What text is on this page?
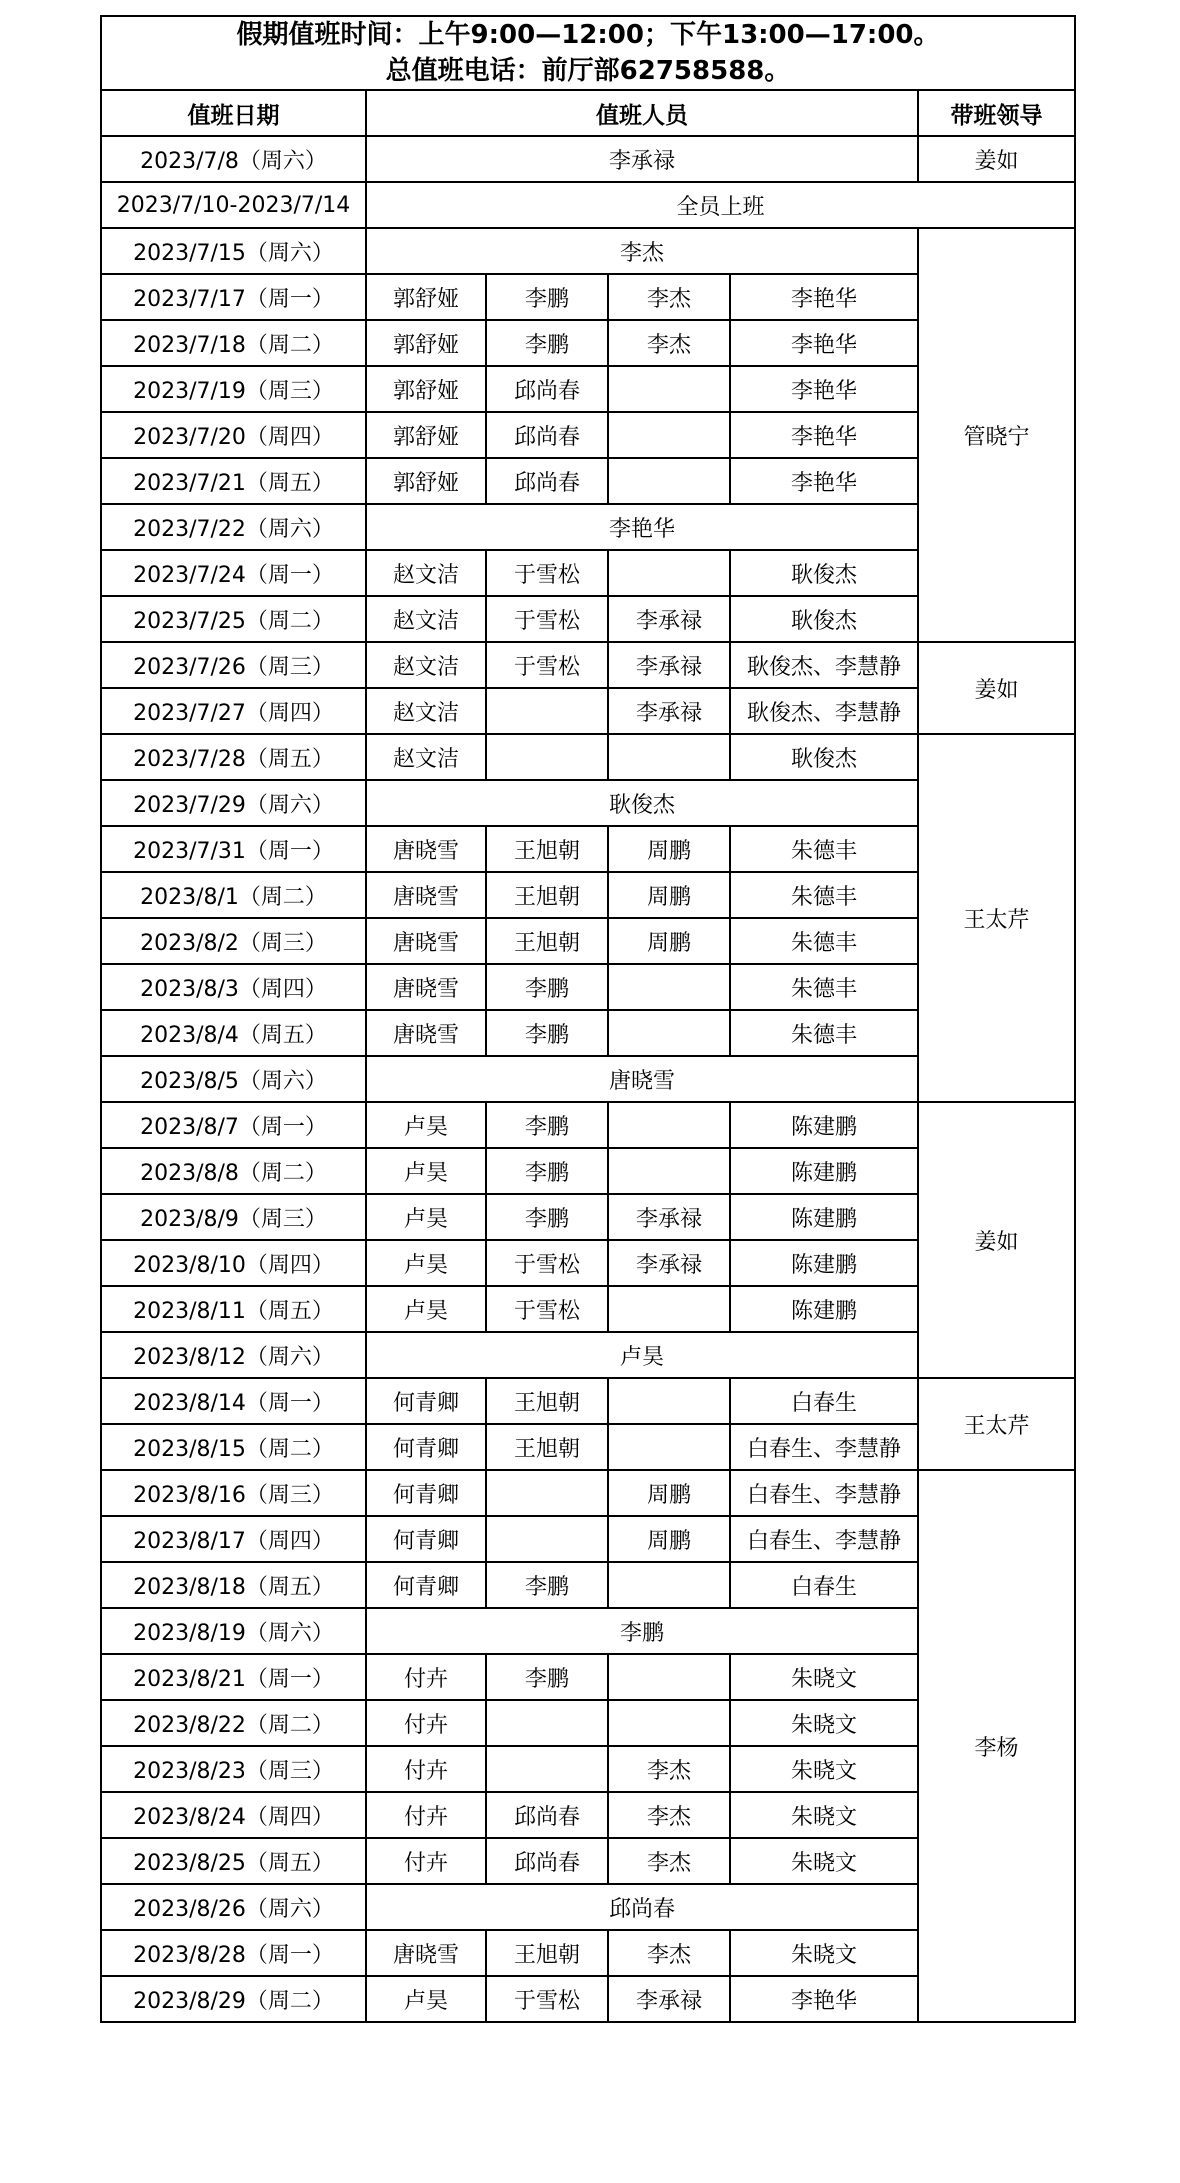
假期值班时间：上午9:00—12:00；下午13:00—17:00。
总值班电话：前厅部62758588。					

值班日期	值班人员				带班领导
2023/7/8（周六）	李承禄				姜如
2023/7/10-2023/7/14	全员上班				
2023/7/15（周六）	李杰				管晓宁
2023/7/17（周一）	郭舒娅	李鹏	李杰	李艳华	
2023/7/18（周二）	郭舒娅	李鹏	李杰	李艳华	
2023/7/19（周三）	郭舒娅	邱尚春		李艳华	
2023/7/20（周四）	郭舒娅	邱尚春		李艳华	
2023/7/21（周五）	郭舒娅	邱尚春		李艳华	
2023/7/22（周六）	李艳华				
2023/7/24（周一）	赵文洁	于雪松		耿俊杰	
2023/7/25（周二）	赵文洁	于雪松	李承禄	耿俊杰	
2023/7/26（周三）	赵文洁	于雪松	李承禄	耿俊杰、李慧静	姜如
2023/7/27（周四）	赵文洁		李承禄	耿俊杰、李慧静	
2023/7/28（周五）	赵文洁			耿俊杰	王太芹
2023/7/29（周六）	耿俊杰				
2023/7/31（周一）	唐晓雪	王旭朝	周鹏	朱德丰	
2023/8/1（周二）	唐晓雪	王旭朝	周鹏	朱德丰	
2023/8/2（周三）	唐晓雪	王旭朝	周鹏	朱德丰	
2023/8/3（周四）	唐晓雪	李鹏		朱德丰	
2023/8/4（周五）	唐晓雪	李鹏		朱德丰	
2023/8/5（周六）	唐晓雪				
2023/8/7（周一）	卢昊	李鹏		陈建鹏	姜如
2023/8/8（周二）	卢昊	李鹏		陈建鹏	
2023/8/9（周三）	卢昊	李鹏	李承禄	陈建鹏	
2023/8/10（周四）	卢昊	于雪松	李承禄	陈建鹏	
2023/8/11（周五）	卢昊	于雪松		陈建鹏	
2023/8/12（周六）	卢昊				
2023/8/14（周一）	何青卿	王旭朝		白春生	王太芹
2023/8/15（周二）	何青卿	王旭朝		白春生、李慧静	
2023/8/16（周三）	何青卿		周鹏	白春生、李慧静	李杨
2023/8/17（周四）	何青卿		周鹏	白春生、李慧静	
2023/8/18（周五）	何青卿	李鹏		白春生	
2023/8/19（周六）	李鹏				
2023/8/21（周一）	付卉	李鹏		朱晓文	
2023/8/22（周二）	付卉			朱晓文	
2023/8/23（周三）	付卉		李杰	朱晓文	
2023/8/24（周四）	付卉	邱尚春	李杰	朱晓文	
2023/8/25（周五）	付卉	邱尚春	李杰	朱晓文	
2023/8/26（周六）	邱尚春				
2023/8/28（周一）	唐晓雪	王旭朝	李杰	朱晓文	
2023/8/29（周二）	卢昊	于雪松	李承禄	李艳华	
